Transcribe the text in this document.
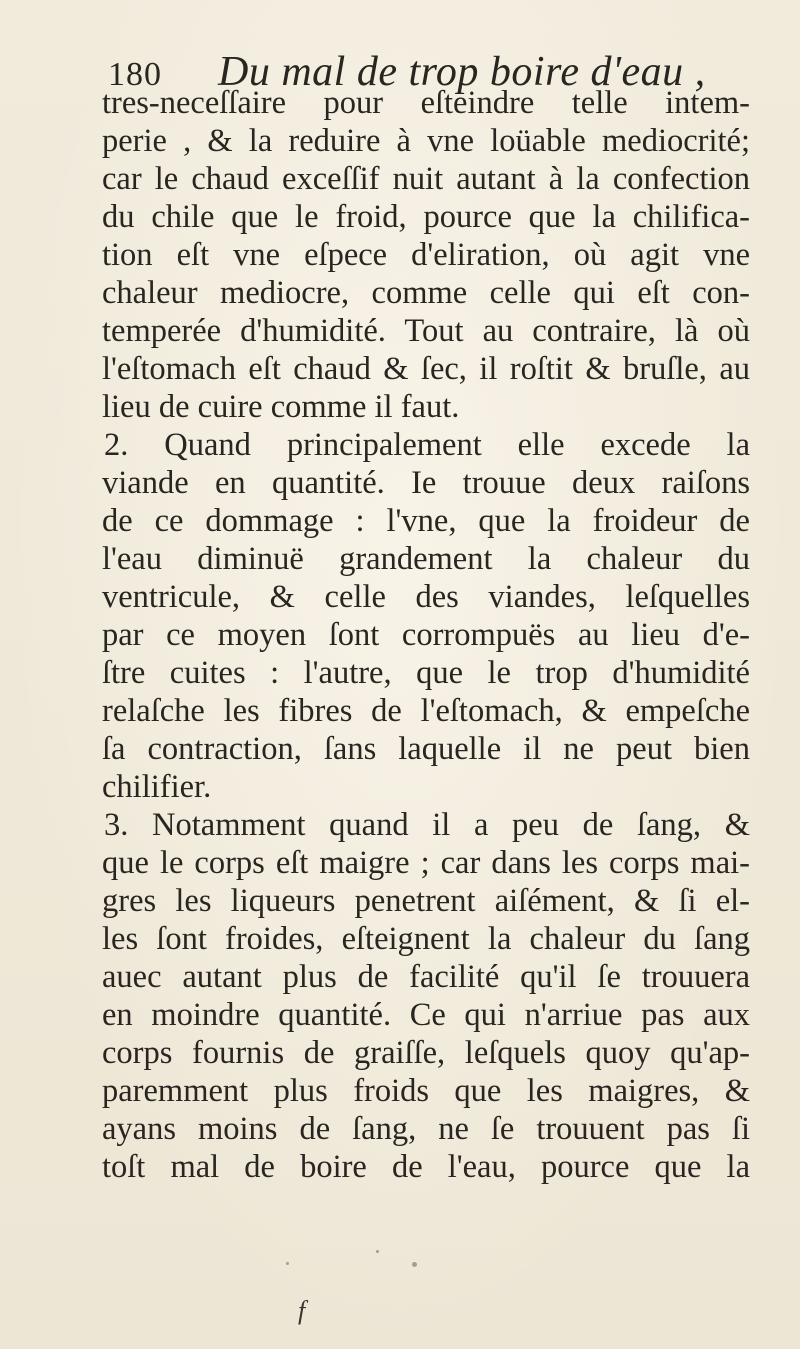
180 Du mal de trop boire d'eau ,
tres-neceſſaire pour eſteindre telle intem-
perie , & la reduire à vne loüable mediocrité;
car le chaud exceſſif nuit autant à la confection
du chile que le froid, pource que la chilifica-
tion eſt vne eſpece d'eliration, où agit vne
chaleur mediocre, comme celle qui eſt con-
temperée d'humidité. Tout au contraire, là où
l'eſtomach eſt chaud & ſec, il roſtit & bruſle, au
lieu de cuire comme il faut.
2. Quand principalement elle excede la
viande en quantité. Ie trouue deux raiſons
de ce dommage : l'vne, que la froideur de
l'eau diminuë grandement la chaleur du
ventricule, & celle des viandes, leſquelles
par ce moyen ſont corrompuës au lieu d'e-
ſtre cuites : l'autre, que le trop d'humidité
relaſche les fibres de l'eſtomach, & empeſche
ſa contraction, ſans laquelle il ne peut bien
chilifier.
3. Notamment quand il a peu de ſang, &
que le corps eſt maigre ; car dans les corps mai-
gres les liqueurs penetrent aiſément, & ſi el-
les ſont froides, eſteignent la chaleur du ſang
auec autant plus de facilité qu'il ſe trouuera
en moindre quantité. Ce qui n'arriue pas aux
corps fournis de graiſſe, leſquels quoy qu'ap-
paremment plus froids que les maigres, &
ayans moins de ſang, ne ſe trouuent pas ſi
toſt mal de boire de l'eau, pource que la
f
